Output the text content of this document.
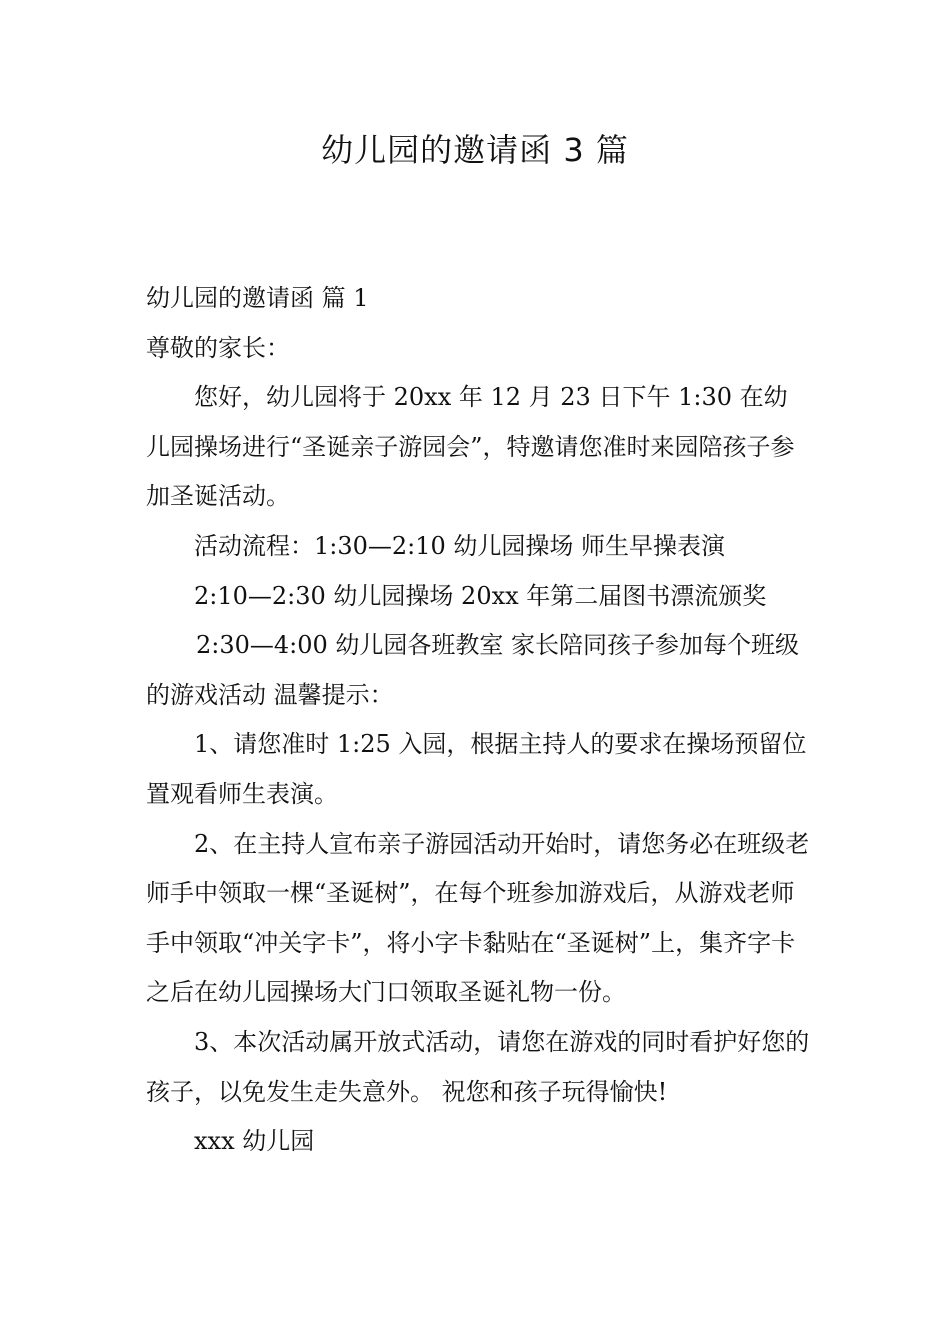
幼儿园的邀请函 3 篇

幼儿园的邀请函 篇 1

尊敬的家长：

您好，幼儿园将于 20xx 年 12 月 23 日下午 1:30 在幼儿园操场进行“圣诞亲子游园会”，特邀请您准时来园陪孩子参加圣诞活动。

活动流程：1:30—2:10 幼儿园操场 师生早操表演

2:10—2:30 幼儿园操场 20xx 年第二届图书漂流颁奖

2:30—4:00 幼儿园各班教室 家长陪同孩子参加每个班级的游戏活动 温馨提示：

1、请您准时 1:25 入园，根据主持人的要求在操场预留位置观看师生表演。

2、在主持人宣布亲子游园活动开始时，请您务必在班级老师手中领取一棵“圣诞树”，在每个班参加游戏后，从游戏老师手中领取“冲关字卡”，将小字卡黏贴在“圣诞树”上，集齐字卡之后在幼儿园操场大门口领取圣诞礼物一份。

3、本次活动属开放式活动，请您在游戏的同时看护好您的孩子，以免发生走失意外。 祝您和孩子玩得愉快!

xxx 幼儿园
